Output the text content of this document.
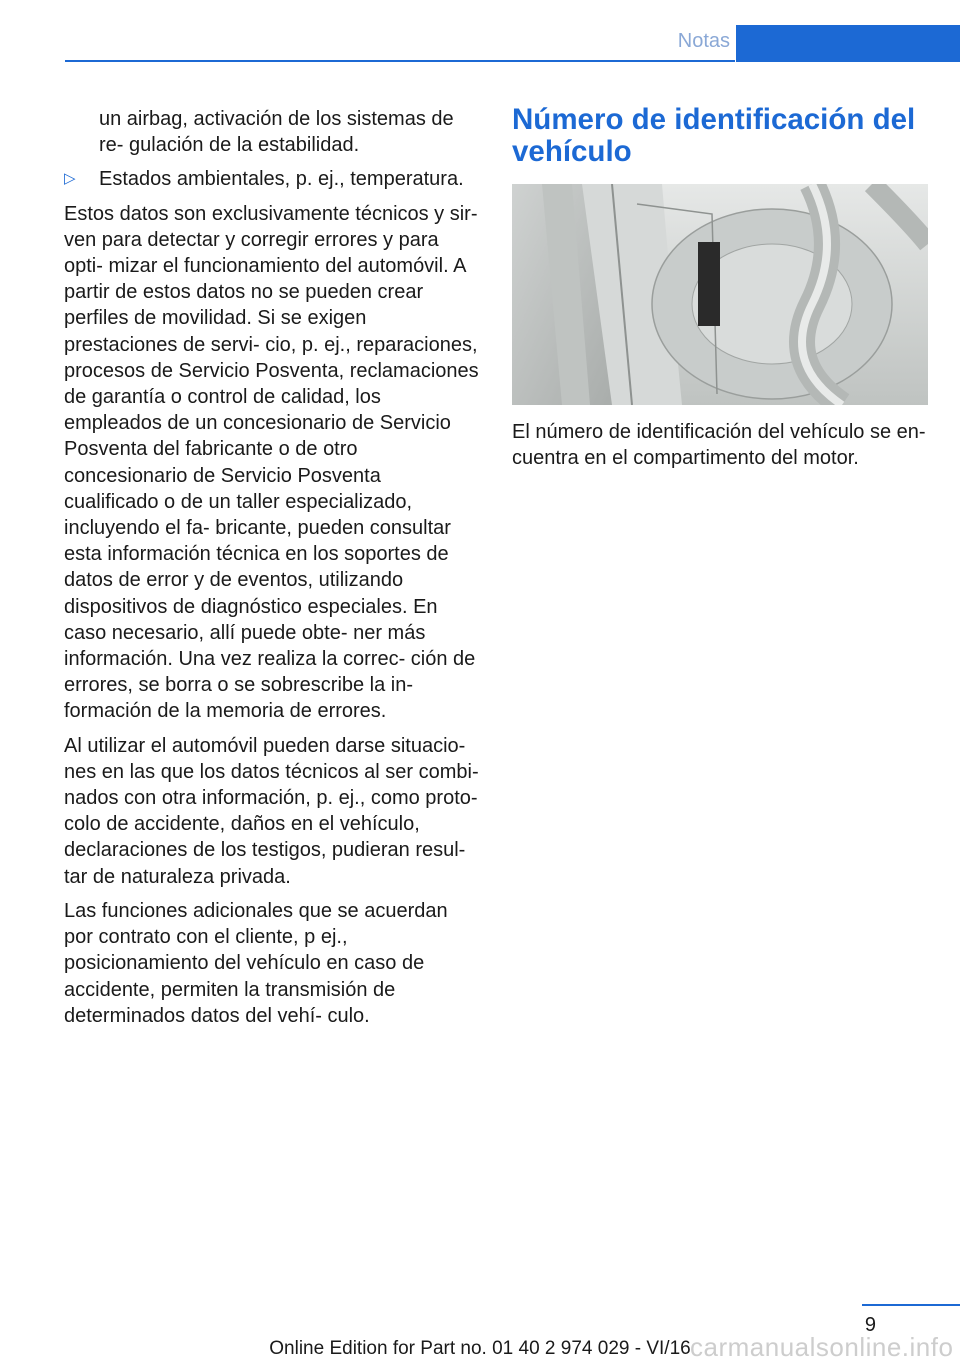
Notas
un airbag, activación de los sistemas de re- gulación de la estabilidad.
▷ Estados ambientales, p. ej., temperatura.

Estos datos son exclusivamente técnicos y sir- ven para detectar y corregir errores y para opti- mizar el funcionamiento del automóvil. A partir de estos datos no se pueden crear perfiles de movilidad. Si se exigen prestaciones de servi- cio, p. ej., reparaciones, procesos de Servicio Posventa, reclamaciones de garantía o control de calidad, los empleados de un concesionario de Servicio Posventa del fabricante o de otro concesionario de Servicio Posventa cualificado o de un taller especializado, incluyendo el fa- bricante, pueden consultar esta información técnica en los soportes de datos de error y de eventos, utilizando dispositivos de diagnóstico especiales. En caso necesario, allí puede obte- ner más información. Una vez realiza la correc- ción de errores, se borra o se sobrescribe la in- formación de la memoria de errores.

Al utilizar el automóvil pueden darse situacio- nes en las que los datos técnicos al ser combi- nados con otra información, p. ej., como proto- colo de accidente, daños en el vehículo, declaraciones de los testigos, pudieran resul- tar de naturaleza privada.

Las funciones adicionales que se acuerdan por contrato con el cliente, p ej., posicionamiento del vehículo en caso de accidente, permiten la transmisión de determinados datos del vehí- culo.

Número de identificación del vehículo
El número de identificación del vehículo se en- cuentra en el compartimento del motor.
9
Online Edition for Part no. 01 40 2 974 029 - VI/16 carmanualsonline.info
